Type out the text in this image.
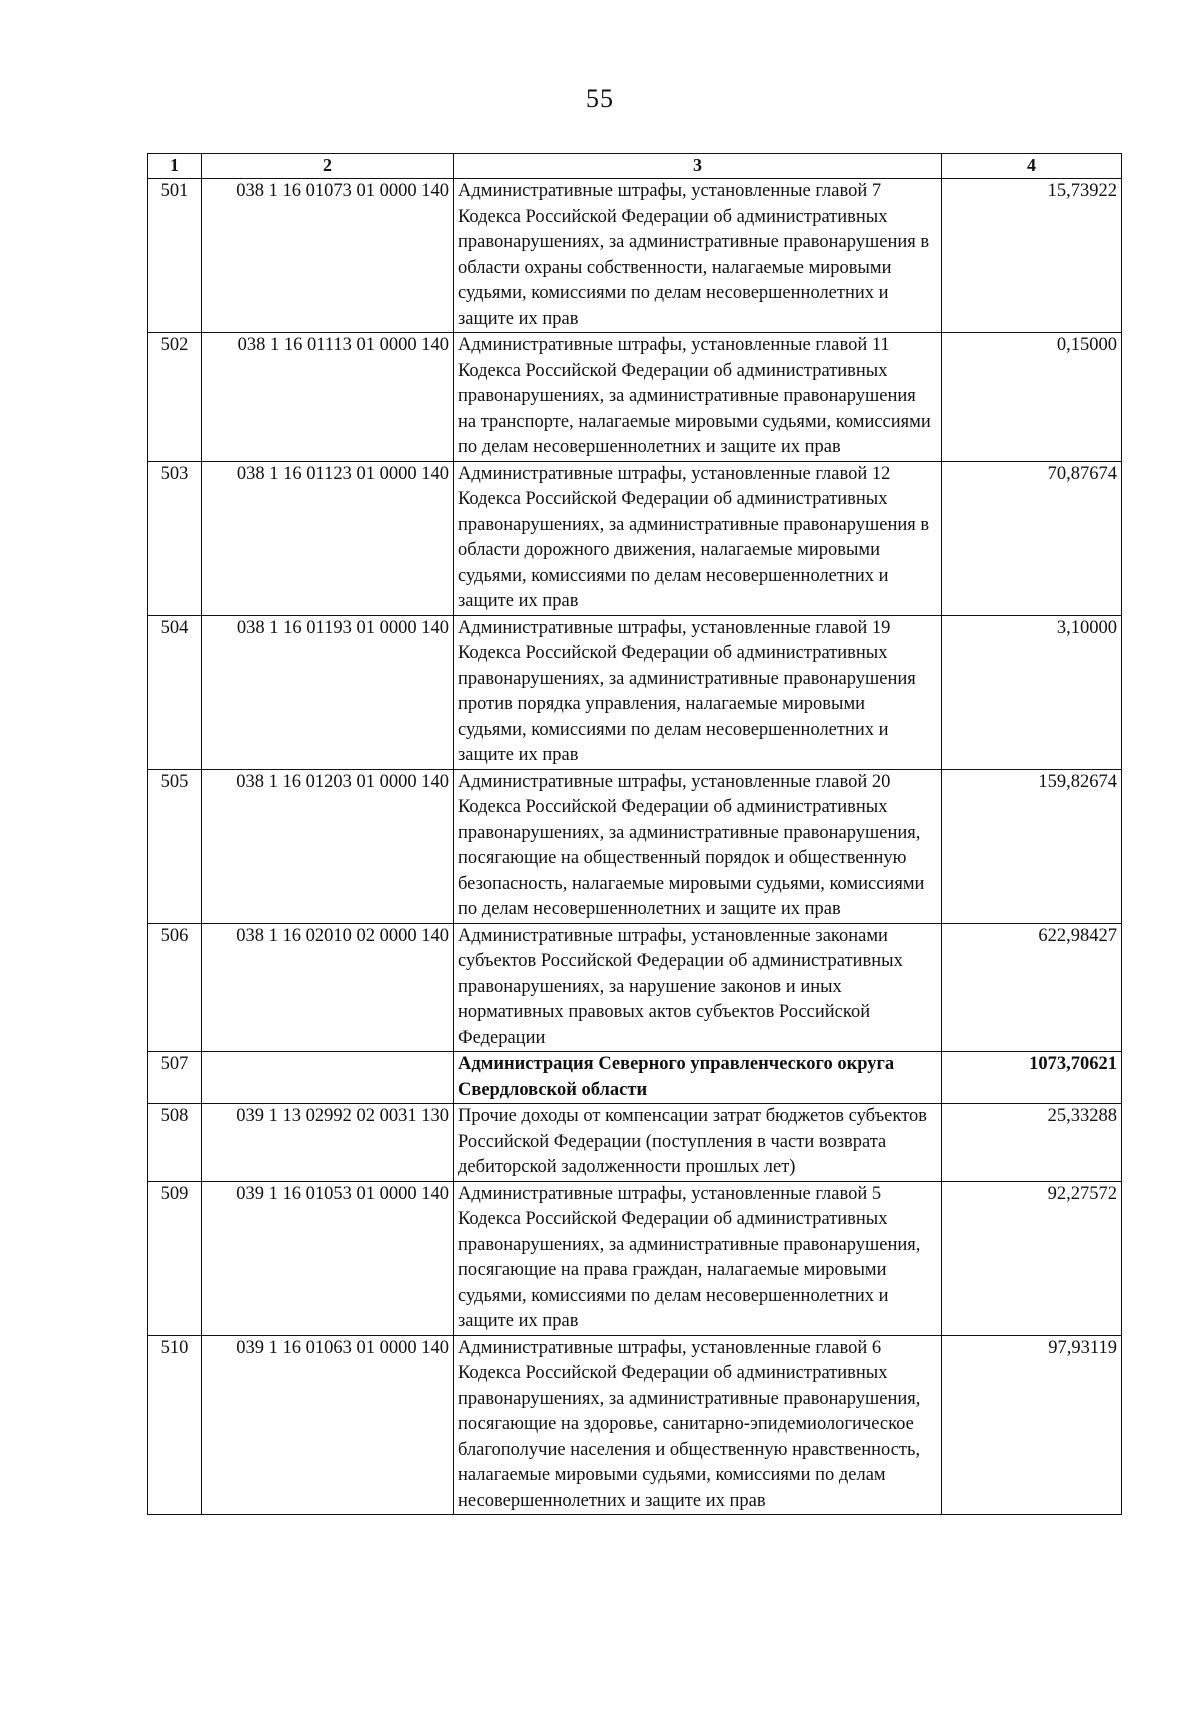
55
1	2	3	4
501	038 1 16 01073 01 0000 140	Административные штрафы, установленные главой 7 Кодекса Российской Федерации об административных правонарушениях, за административные правонарушения в области охраны собственности, налагаемые мировыми судьями, комиссиями по делам несовершеннолетних и защите их прав	15,73922
502	038 1 16 01113 01 0000 140	Административные штрафы, установленные главой 11 Кодекса Российской Федерации об административных правонарушениях, за административные правонарушения на транспорте, налагаемые мировыми судьями, комиссиями по делам несовершеннолетних и защите их прав	0,15000
503	038 1 16 01123 01 0000 140	Административные штрафы, установленные главой 12 Кодекса Российской Федерации об административных правонарушениях, за административные правонарушения в области дорожного движения, налагаемые мировыми судьями, комиссиями по делам несовершеннолетних и защите их прав	70,87674
504	038 1 16 01193 01 0000 140	Административные штрафы, установленные главой 19 Кодекса Российской Федерации об административных правонарушениях, за административные правонарушения против порядка управления, налагаемые мировыми судьями, комиссиями по делам несовершеннолетних и защите их прав	3,10000
505	038 1 16 01203 01 0000 140	Административные штрафы, установленные главой 20 Кодекса Российской Федерации об административных правонарушениях, за административные правонарушения, посягающие на общественный порядок и общественную безопасность, налагаемые мировыми судьями, комиссиями по делам несовершеннолетних и защите их прав	159,82674
506	038 1 16 02010 02 0000 140	Административные штрафы, установленные законами субъектов Российской Федерации об административных правонарушениях, за нарушение законов и иных нормативных правовых актов субъектов Российской Федерации	622,98427
507		Администрация Северного управленческого округа Свердловской области	1073,70621
508	039 1 13 02992 02 0031 130	Прочие доходы от компенсации затрат бюджетов субъектов Российской Федерации (поступления в части возврата дебиторской задолженности прошлых лет)	25,33288
509	039 1 16 01053 01 0000 140	Административные штрафы, установленные главой 5 Кодекса Российской Федерации об административных правонарушениях, за административные правонарушения, посягающие на права граждан, налагаемые мировыми судьями, комиссиями по делам несовершеннолетних и защите их прав	92,27572
510	039 1 16 01063 01 0000 140	Административные штрафы, установленные главой 6 Кодекса Российской Федерации об административных правонарушениях, за административные правонарушения, посягающие на здоровье, санитарно-эпидемиологическое благополучие населения и общественную нравственность, налагаемые мировыми судьями, комиссиями по делам несовершеннолетних и защите их прав	97,93119
